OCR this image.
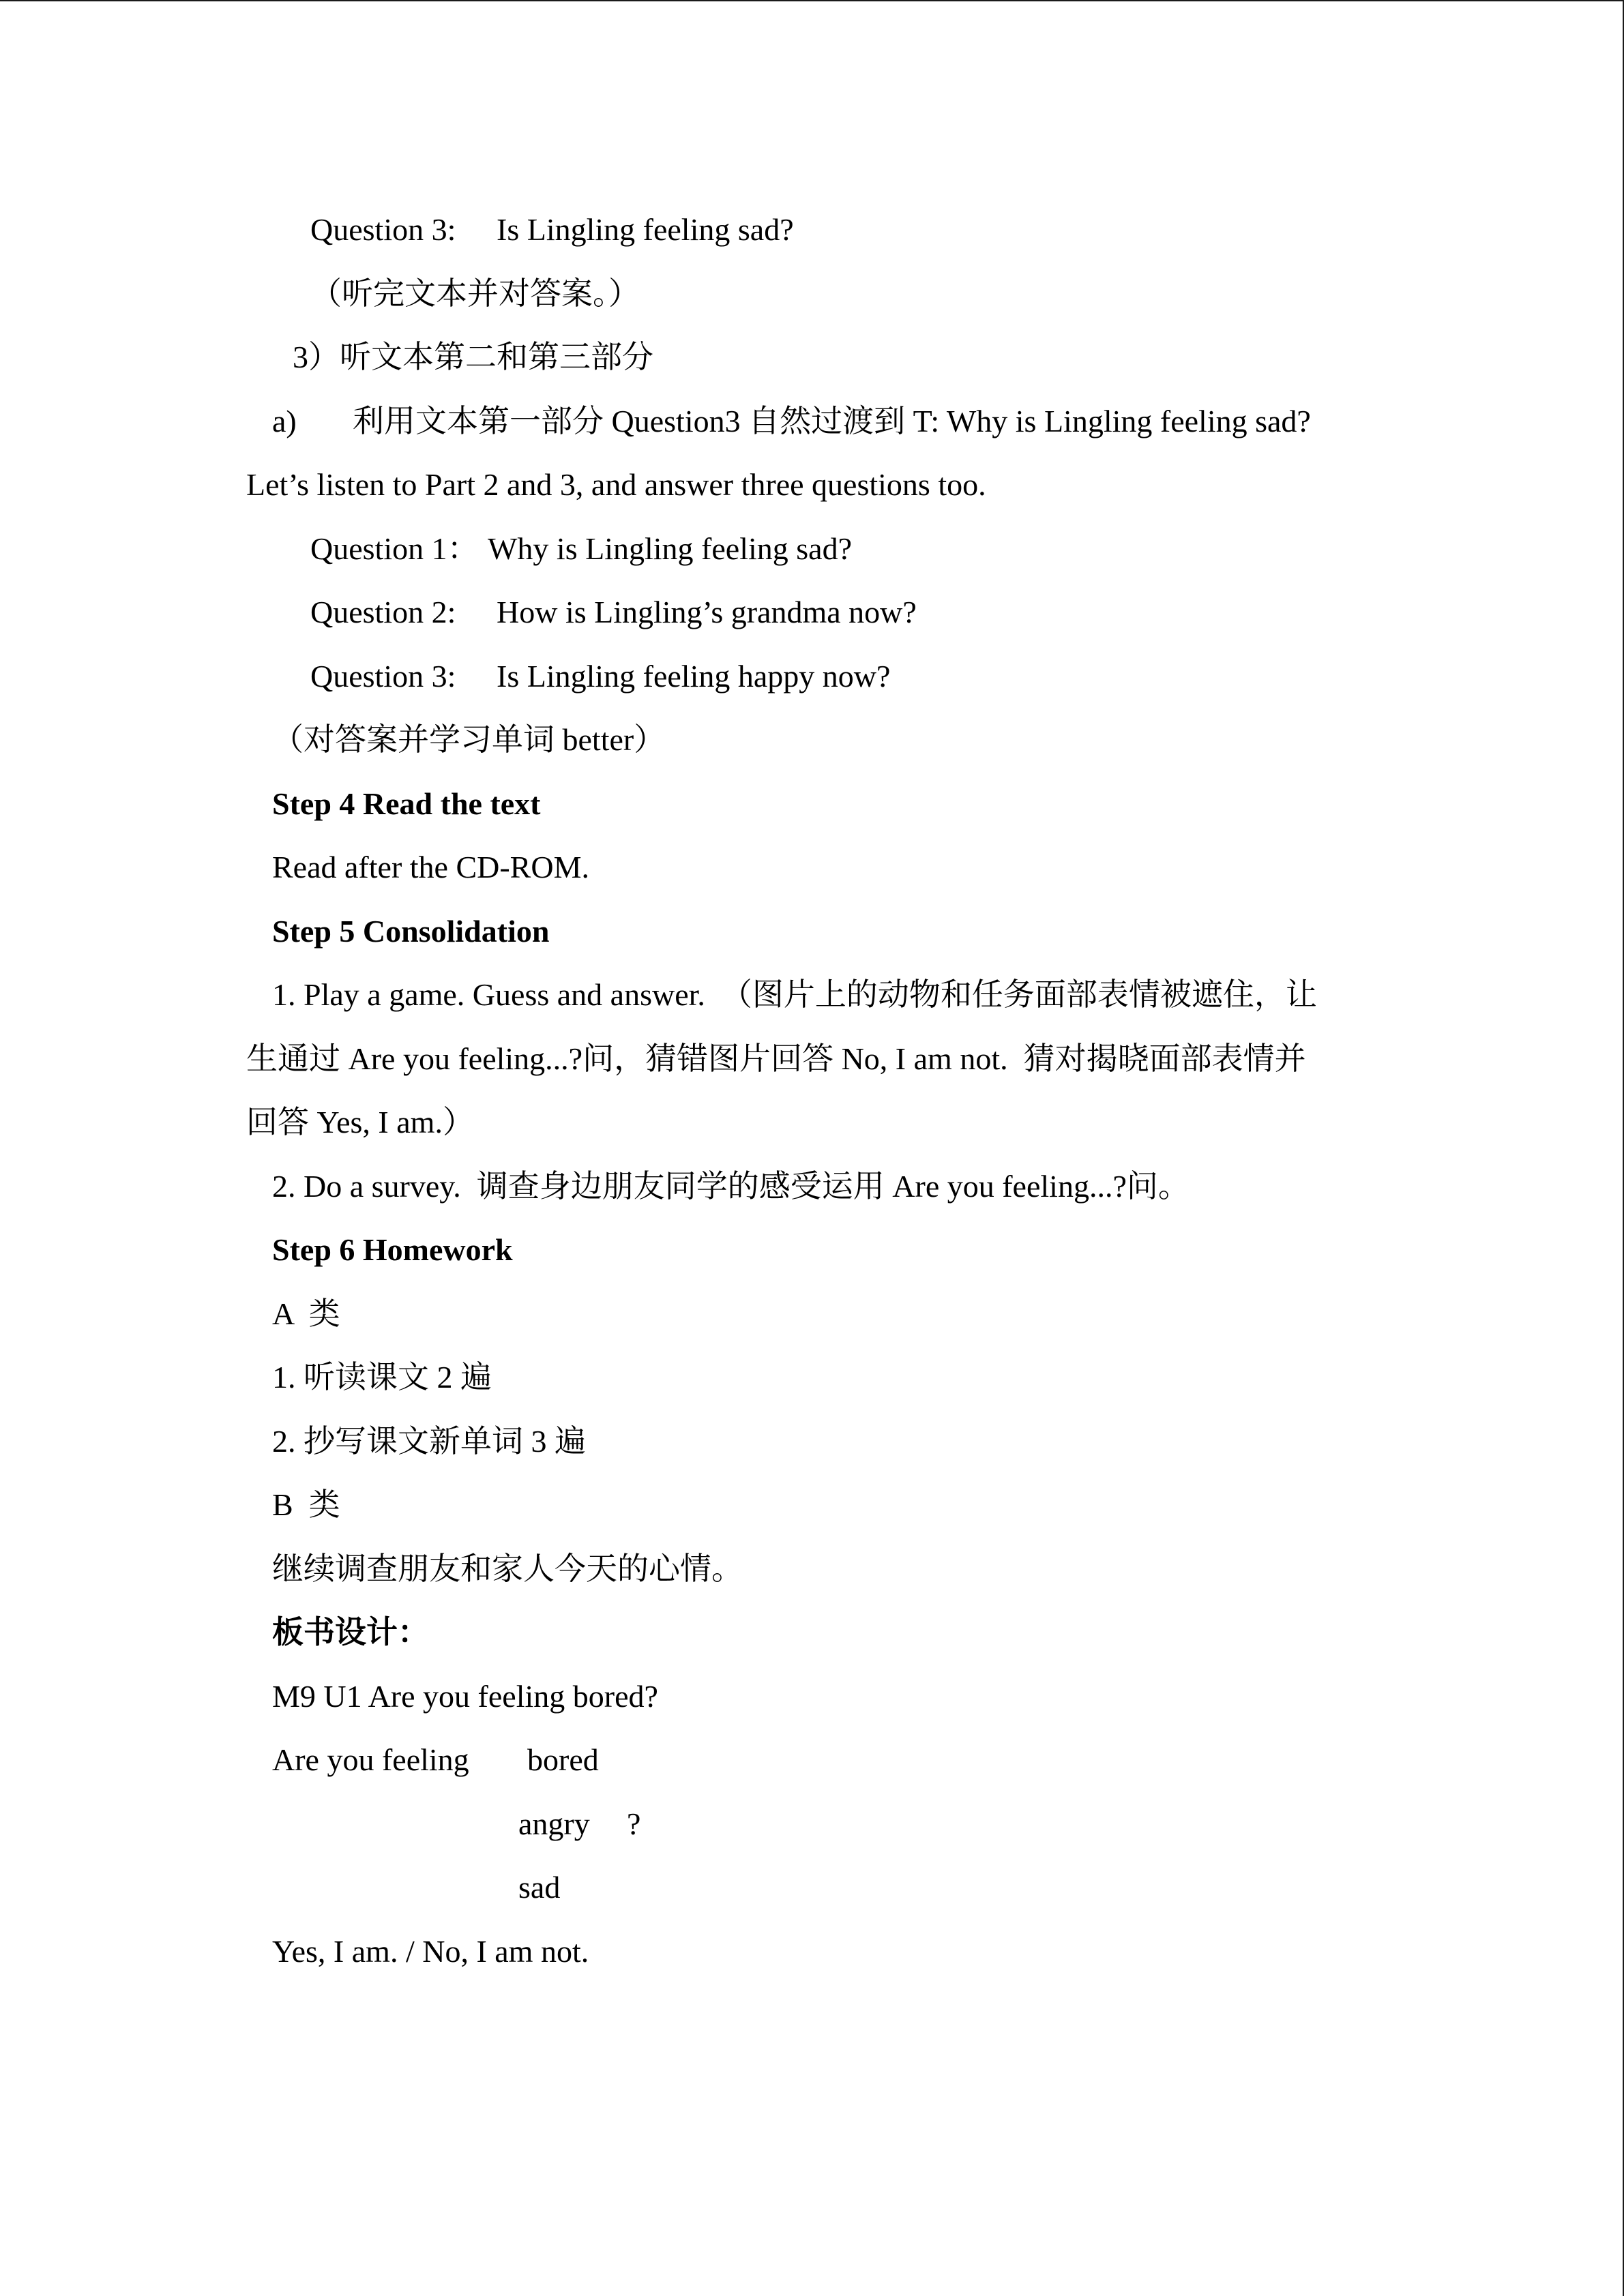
Question 3: Is Lingling feeling sad?
（听完文本并对答案。）
3）听文本第二和第三部分
a) 利用文本第一部分 Question3 自然过渡到 T: Why is Lingling feeling sad?
Let’s listen to Part 2 and 3, and answer three questions too.
Question 1： Why is Lingling feeling sad?
Question 2: How is Lingling’s grandma now?
Question 3: Is Lingling feeling happy now?
（对答案并学习单词 better）
Step 4 Read the text
Read after the CD-ROM.
Step 5 Consolidation
1. Play a game. Guess and answer.  （图片上的动物和任务面部表情被遮住，让
生通过 Are you feeling...?问，猜错图片回答 No, I am not.  猜对揭晓面部表情并
回答 Yes, I am.）
2. Do a survey.  调查身边朋友同学的感受运用 Are you feeling...?问。
Step 6 Homework
A  类
1. 听读课文 2 遍
2. 抄写课文新单词 3 遍
B  类
继续调查朋友和家人今天的心情。
板书设计：
M9 U1 Are you feeling bored?
Are you feeling bored
angry ?
sad
Yes, I am. / No, I am not.
